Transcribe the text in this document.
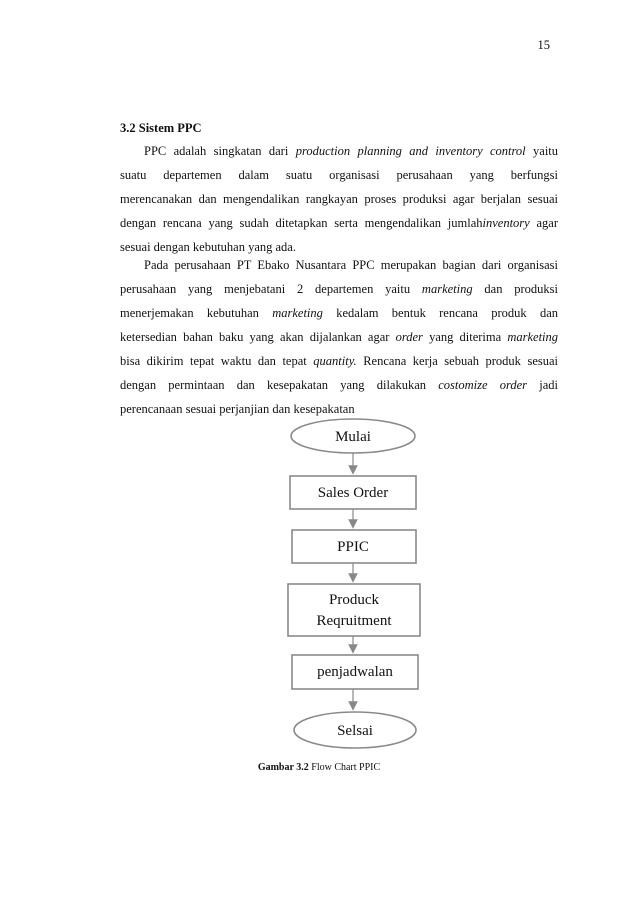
15
3.2 Sistem PPC
PPC adalah singkatan dari production planning and inventory control yaitu
suatu departemen dalam suatu organisasi perusahaan yang berfungsi
merencanakan dan mengendalikan rangkayan proses produksi agar berjalan sesuai
dengan rencana yang sudah ditetapkan serta mengendalikan jumlahinventory agar
sesuai dengan kebutuhan yang ada.
Pada perusahaan PT Ebako Nusantara PPC merupakan bagian dari organisasi
perusahaan yang menjebatani 2 departemen yaitu marketing dan produksi
menerjemakan kebutuhan marketing kedalam bentuk rencana produk dan
ketersedian bahan baku yang akan dijalankan agar order yang diterima marketing
bisa dikirim tepat waktu dan tepat quantity. Rencana kerja sebuah produk sesuai
dengan permintaan dan kesepakatan yang dilakukan costomize order jadi
perencanaan sesuai perjanjian dan kesepakatan
Mulai
Sales Order
PPIC
Produck
Reqruitment
penjadwalan
Selsai
Gambar 3.2 Flow Chart PPIC
